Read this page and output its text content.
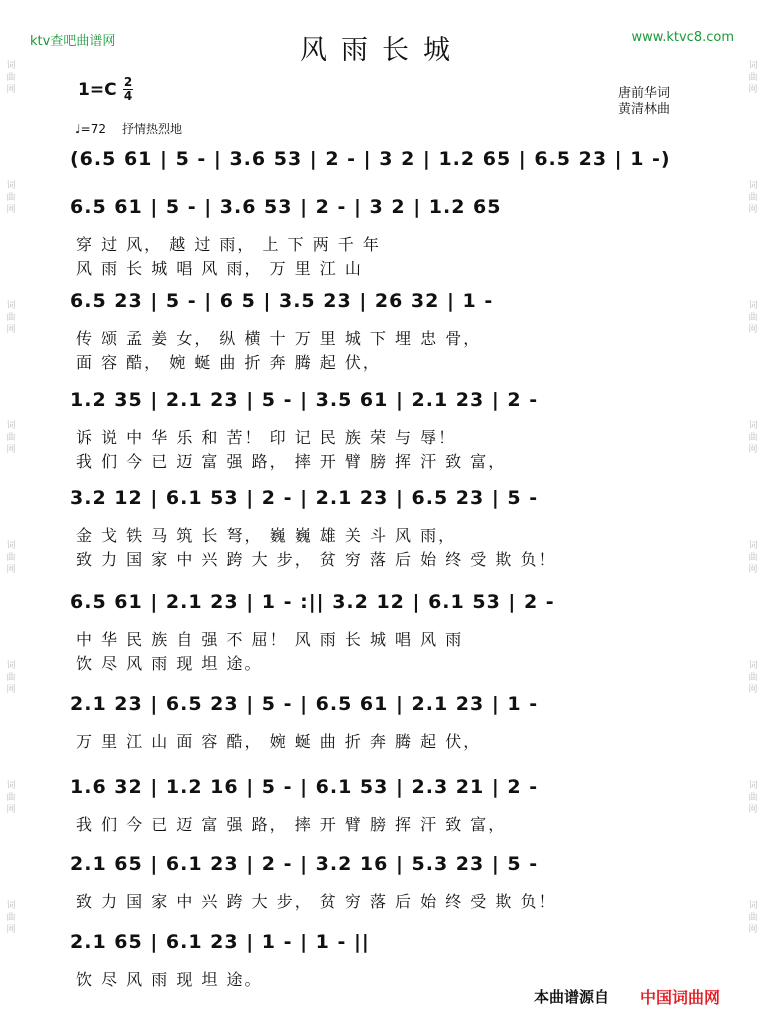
ktv查吧曲谱网	www.ktvc8.com
风雨长城
1=C 2
4	唐前华词
黄清林曲
♩=72 抒情热烈地
(6.5 61 | 5 - | 3.6 53 | 2 - | 3 2 | 1.2 65 | 6.5 23 | 1 -)
6.5 61 | 5 - | 3.6 53 | 2 - | 3 2 | 1.2 65
穿 过 风， 越 过 雨， 上 下 两 千 年
风 雨 长 城 唱 风 雨， 万 里 江 山
6.5 23 | 5 - | 6 5 | 3.5 23 | 26 32 | 1 -
传 颂 孟 姜 女， 纵 横 十 万 里 城 下 埋 忠 骨，
面 容 酷， 婉 蜒 曲 折 奔 腾 起 伏，
1.2 35 | 2.1 23 | 5 - | 3.5 61 | 2.1 23 | 2 -
诉 说 中 华 乐 和 苦！ 印 记 民 族 荣 与 辱！
我 们 今 已 迈 富 强 路， 摔 开 臂 膀 挥 汗 致 富，
3.2 12 | 6.1 53 | 2 - | 2.1 23 | 6.5 23 | 5 -
金 戈 铁 马 筑 长 弩， 巍 巍 雄 关 斗 风 雨，
致 力 国 家 中 兴 跨 大 步， 贫 穷 落 后 始 终 受 欺 负！
6.5 61 | 2.1 23 | 1 - :|| 3.2 12 | 6.1 53 | 2 -
中 华 民 族 自 强 不 屈！ 风 雨 长 城 唱 风 雨
饮 尽 风 雨 现 坦 途。
2.1 23 | 6.5 23 | 5 - | 6.5 61 | 2.1 23 | 1 -
万 里 江 山 面 容 酷， 婉 蜒 曲 折 奔 腾 起 伏，
1.6 32 | 1.2 16 | 5 - | 6.1 53 | 2.3 21 | 2 -
我 们 今 已 迈 富 强 路， 摔 开 臂 膀 挥 汗 致 富，
2.1 65 | 6.1 23 | 2 - | 3.2 16 | 5.3 23 | 5 -
致 力 国 家 中 兴 跨 大 步， 贫 穷 落 后 始 终 受 欺 负！
2.1 65 | 6.1 23 | 1 - | 1 - ||
饮 尽 风 雨 现 坦 途。
本曲谱源自 中国词曲网
词
曲
网
词
曲
网
词
曲
网
词
曲
网
词
曲
网
词
曲
网
词
曲
网
词
曲
网
词
曲
网
词
曲
网
词
曲
网
词
曲
网
词
曲
网
词
曲
网
词
曲
网
词
曲
网
